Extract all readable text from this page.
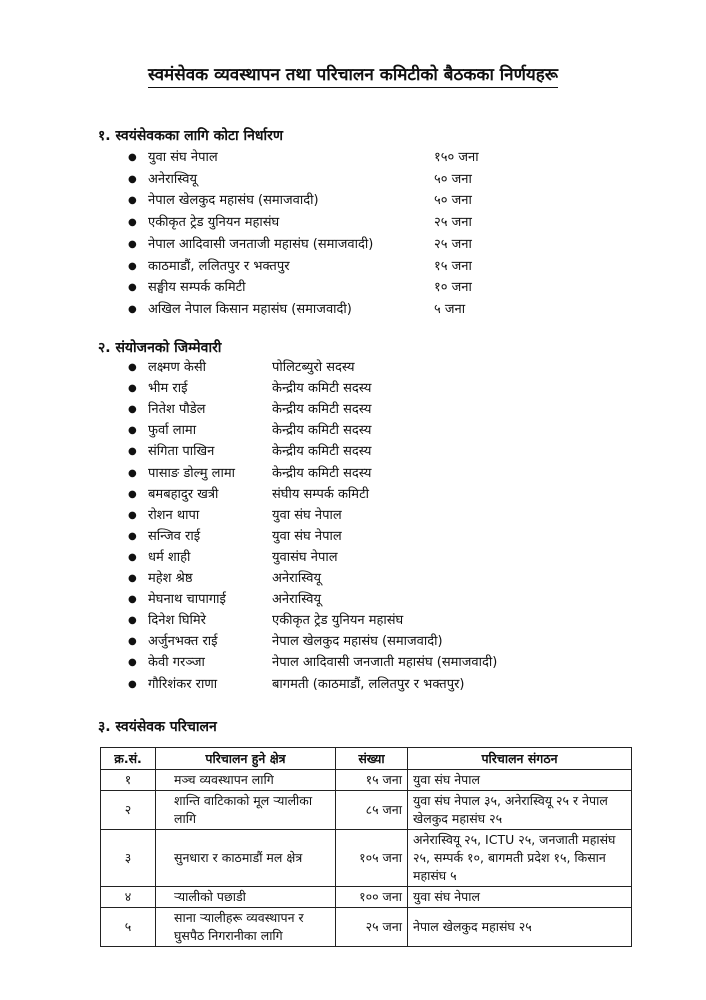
स्वमंसेवक व्यवस्थापन तथा परिचालन कमिटीको बैठकका निर्णयहरू
१. स्वयंसेवकका लागि कोटा निर्धारण
● युवा संघ नेपाल	१५० जना
● अनेरास्वियू	५० जना
● नेपाल खेलकुद महासंघ (समाजवादी)	५० जना
● एकीकृत ट्रेड युनियन महासंघ	२५ जना
● नेपाल आदिवासी जनताजी महासंघ (समाजवादी)	२५ जना
● काठमाडौं, ललितपुर र भक्तपुर	१५ जना
● सङ्घीय सम्पर्क कमिटी	१० जना
● अखिल नेपाल किसान महासंघ (समाजवादी)	५ जना
२. संयोजनको जिम्मेवारी
● लक्ष्मण केसी	पोलिटब्युरो सदस्य
● भीम राई	केन्द्रीय कमिटी सदस्य
● नितेश पौडेल	केन्द्रीय कमिटी सदस्य
● फुर्वा लामा	केन्द्रीय कमिटी सदस्य
● संगिता पाखिन	केन्द्रीय कमिटी सदस्य
● पासाङ डोल्मु लामा	केन्द्रीय कमिटी सदस्य
● बमबहादुर खत्री	संघीय सम्पर्क कमिटी
● रोशन थापा	युवा संघ नेपाल
● सन्जिव राई	युवा संघ नेपाल
● धर्म शाही	युवासंघ नेपाल
● महेश श्रेष्ठ	अनेरास्वियू
● मेघनाथ चापागाई	अनेरास्वियू
● दिनेश घिमिरे	एकीकृत ट्रेड युनियन महासंघ
● अर्जुनभक्त राई	नेपाल खेलकुद महासंघ (समाजवादी)
● केवी गरञ्जा	नेपाल आदिवासी जनजाती महासंघ (समाजवादी)
● गौरिशंकर राणा	बागमती (काठमाडौं, ललितपुर र भक्तपुर)
३. स्वयंसेवक परिचालन
क्र.सं.	परिचालन हुने क्षेत्र	संख्या	परिचालन संगठन
१	मञ्च व्यवस्थापन लागि	१५ जना	युवा संघ नेपाल
२	शान्ति वाटिकाको मूल र्‍यालीका लागि	८५ जना	युवा संघ नेपाल ३५, अनेरास्वियू २५ र नेपाल खेलकुद महासंघ २५
३	सुनधारा र काठमाडौं मल क्षेत्र	१०५ जना	अनेरास्वियू २५, ICTU २५, जनजाती महासंघ २५, सम्पर्क १०, बागमती प्रदेश १५, किसान महासंघ ५
४	र्‍यालीको पछाडी	१०० जना	युवा संघ नेपाल
५	साना र्‍यालीहरू व्यवस्थापन र घुसपैठ निगरानीका लागि	२५ जना	नेपाल खेलकुद महासंघ २५
